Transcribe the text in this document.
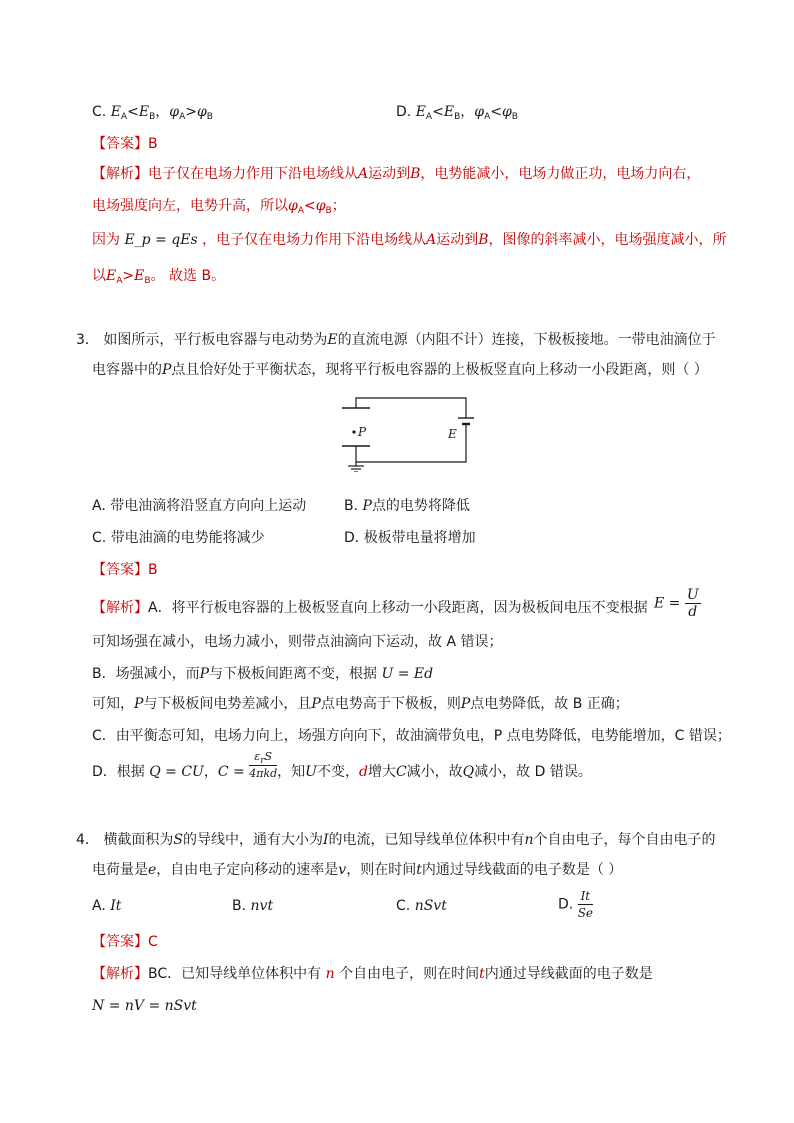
C. $E_A<E_B$，$\varphi_A>\varphi_B$	D. $E_A<E_B$，$\varphi_A<\varphi_B$
【答案】B
【解析】电子仅在电场力作用下沿电场线从A运动到B，电势能减小，电场力做正功，电场力向右，
电场强度向左，电势升高，所以$\varphi_A<\varphi_B$；
因为 E_p = qEs ，电子仅在电场力作用下沿电场线从A运动到B，图像的斜率减小，电场强度减小，所
以$E_A>E_B$。 故选 B。
3． 如图所示，平行板电容器与电动势为E的直流电源（内阻不计）连接，下极板接地。一带电油滴位于
电容器中的P点且恰好处于平衡状态，现将平行板电容器的上极板竖直向上移动一小段距离，则（ ）
P	E
A. 带电油滴将沿竖直方向向上运动	B. P点的电势将降低
C. 带电油滴的电势能将减少	D. 极板带电量将增加
【答案】B
【解析】A．将平行板电容器的上极板竖直向上移动一小段距离，因为极板间电压不变根据 $E = \frac{U}{d}$
可知场强在减小，电场力减小，则带点油滴向下运动，故 A 错误；
B．场强减小，而P与下极板间距离不变，根据 U = Ed
可知，P与下极板间电势差减小，且P点电势高于下极板，则P点电势降低，故 B 正确；
C．由平衡态可知，电场力向上，场强方向向下，故油滴带负电，P 点电势降低，电势能增加，C 错误；
D．根据 Q = CU，$C = \frac{\varepsilon_rS}{\text{4πkd}}$ ，知U不变，d增大C减小，故Q减小，故 D 错误。
4． 横截面积为S的导线中，通有大小为I的电流，已知导线单位体积中有n个自由电子，每个自由电子的
电荷量是e，自由电子定向移动的速率是v，则在时间t内通过导线截面的电子数是（ ）
A. It	B. nvt	C. nSvt	D. $\frac{It}{Se}$
【答案】C
【解析】BC．已知导线单位体积中有 n 个自由电子，则在时间t内通过导线截面的电子数是
N = nV = nSvt
